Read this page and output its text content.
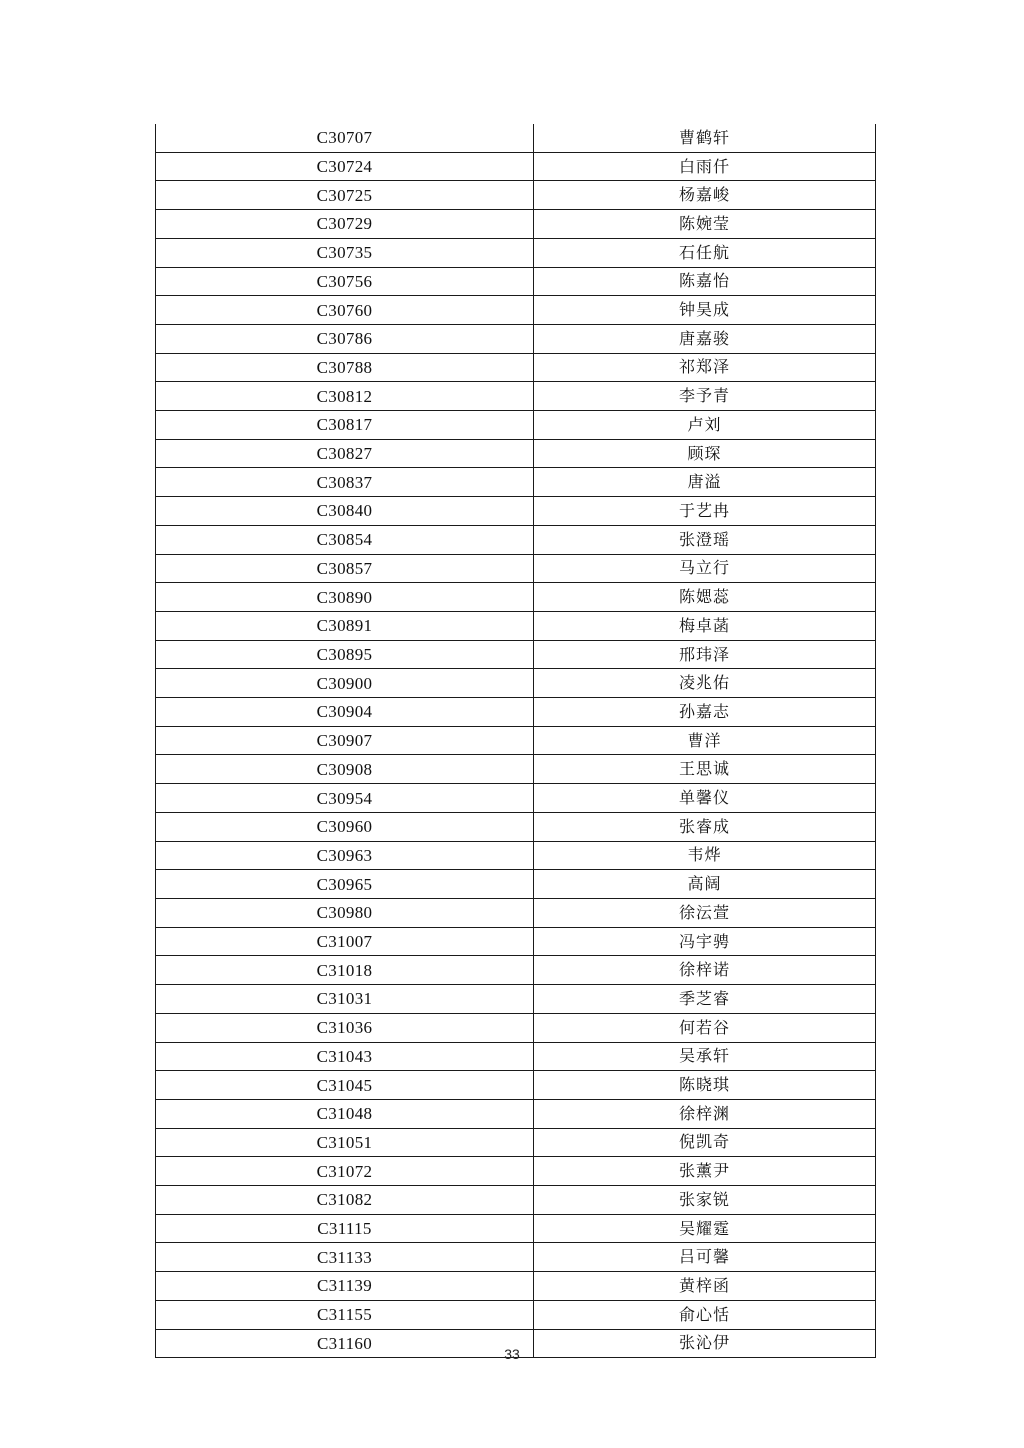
C30707	曹鹤轩
C30724	白雨仟
C30725	杨嘉峻
C30729	陈婉莹
C30735	石任航
C30756	陈嘉怡
C30760	钟昊成
C30786	唐嘉骏
C30788	祁郑泽
C30812	李予青
C30817	卢刘
C30827	顾琛
C30837	唐溢
C30840	于艺冉
C30854	张澄瑶
C30857	马立行
C30890	陈媤蕊
C30891	梅卓菡
C30895	邢玮泽
C30900	凌兆佑
C30904	孙嘉志
C30907	曹洋
C30908	王思诚
C30954	单馨仪
C30960	张睿成
C30963	韦烨
C30965	高阔
C30980	徐沄萱
C31007	冯宇骋
C31018	徐梓诺
C31031	季芝睿
C31036	何若谷
C31043	吴承轩
C31045	陈晓琪
C31048	徐梓渊
C31051	倪凯奇
C31072	张薰尹
C31082	张家锐
C31115	吴耀霆
C31133	吕可馨
C31139	黄梓函
C31155	俞心恬
C31160	张沁伊
33
